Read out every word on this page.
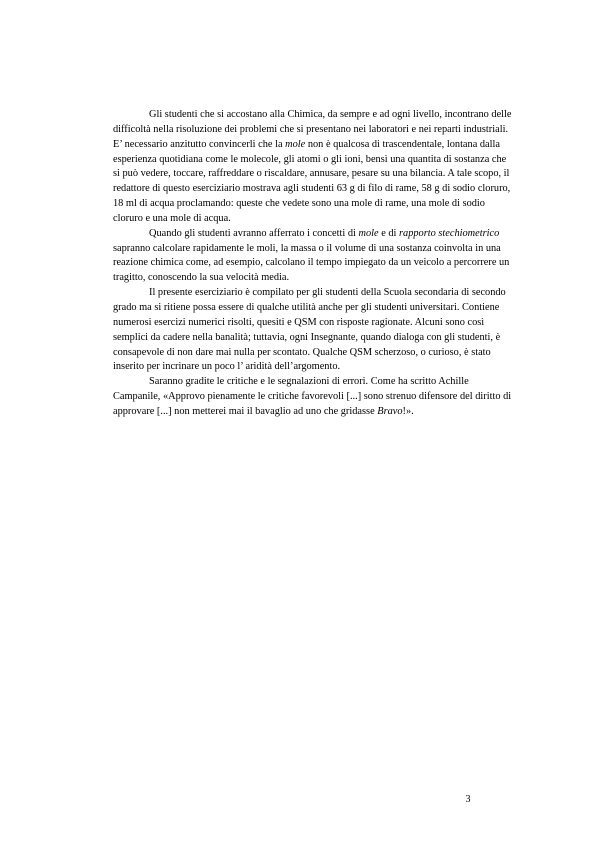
Gli studenti che si accostano alla Chimica, da sempre e ad ogni livello, incontrano delle difficoltà nella risoluzione dei problemi che si presentano nei laboratori e nei reparti industriali. E’ necessario anzitutto convincerli che la mole non è qualcosa di trascendentale, lontana dalla esperienza quotidiana come le molecole, gli atomi o gli ioni, bensì una quantita di sostanza che si può vedere, toccare, raffreddare o riscaldare, annusare, pesare su una bilancia. A tale scopo, il redattore di questo eserciziario mostrava agli studenti 63 g di filo di rame, 58 g di sodio cloruro, 18 ml di acqua proclamando: queste che vedete sono una mole di rame, una mole di sodio cloruro e una mole di acqua.

Quando gli studenti avranno afferrato i concetti di mole e di rapporto stechiometrico sapranno calcolare rapidamente le moli, la massa o il volume di una sostanza coinvolta in una reazione chimica come, ad esempio, calcolano il tempo impiegato da un veicolo a percorrere un tragitto, conoscendo la sua velocità media.

Il presente eserciziario è compilato per gli studenti della Scuola secondaria di secondo grado ma si ritiene possa essere di qualche utilità anche per gli studenti universitari. Contiene numerosi esercizi numerici risolti, quesiti e QSM con risposte ragionate. Alcuni sono così semplici da cadere nella banalità; tuttavia, ogni Insegnante, quando dialoga con gli studenti, è consapevole di non dare mai nulla per scontato. Qualche QSM scherzoso, o curioso, è stato inserito per incrinare un poco l’ aridità dell’argomento.

Saranno gradite le critiche e le segnalazioni di errori. Come ha scritto Achille Campanile, «Approvo pienamente le critiche favorevoli [...] sono strenuo difensore del diritto di approvare [...] non metterei mai il bavaglio ad uno che gridasse Bravo!».

3
